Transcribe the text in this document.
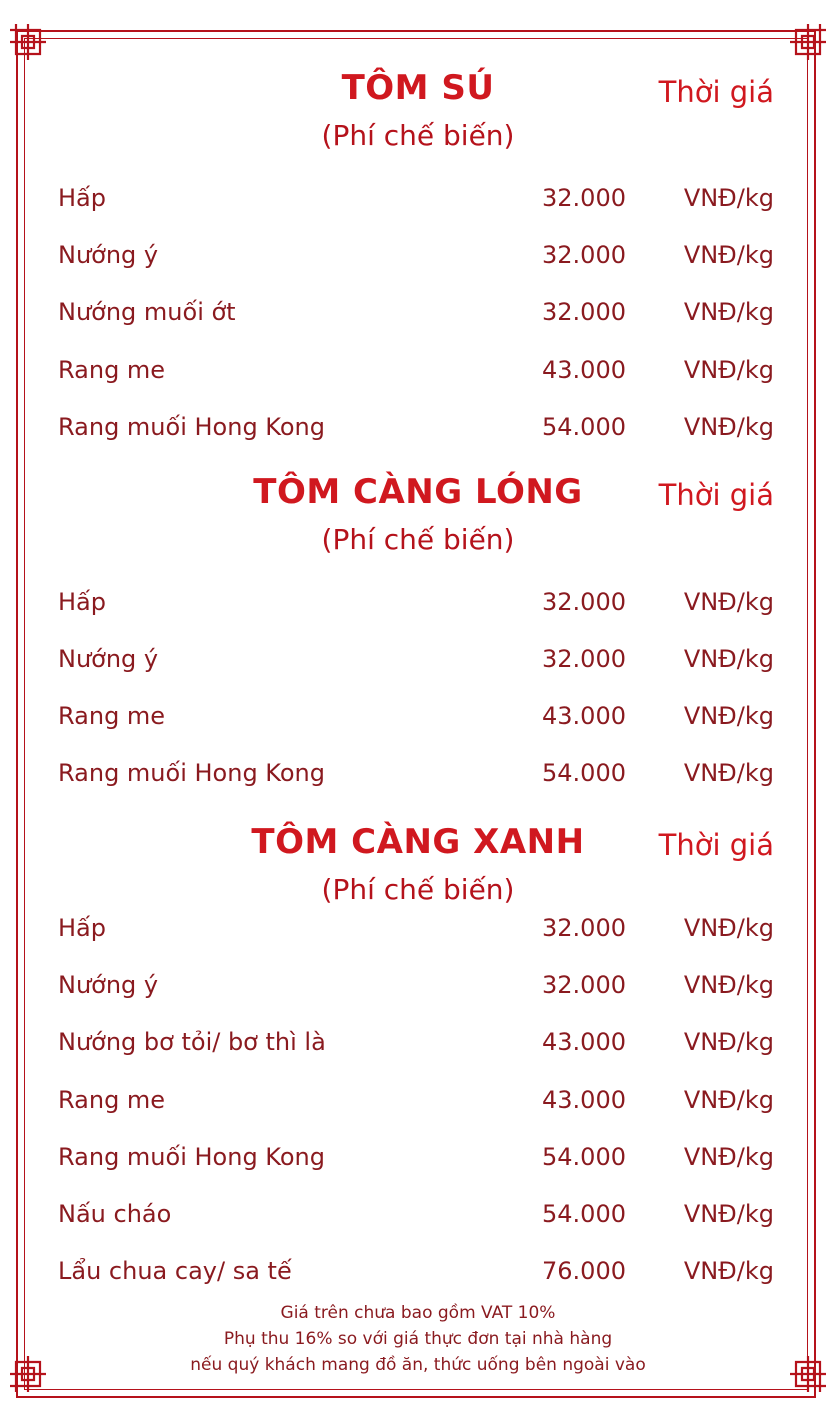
TÔM SÚ	Thời giá
(Phí chế biến)
Hấp	32.000 VNĐ/kg
Nướng ý	32.000 VNĐ/kg
Nướng muối ớt	32.000 VNĐ/kg
Rang me	43.000 VNĐ/kg
Rang muối Hong Kong	54.000 VNĐ/kg
TÔM CÀNG LÓNG	Thời giá
(Phí chế biến)
Hấp	32.000 VNĐ/kg
Nướng ý	32.000 VNĐ/kg
Rang me	43.000 VNĐ/kg
Rang muối Hong Kong	54.000 VNĐ/kg
TÔM CÀNG XANH	Thời giá
(Phí chế biến)
Hấp	32.000 VNĐ/kg
Nướng ý	32.000 VNĐ/kg
Nướng bơ tỏi/ bơ thì là	43.000 VNĐ/kg
Rang me	43.000 VNĐ/kg
Rang muối Hong Kong	54.000 VNĐ/kg
Nấu cháo	54.000 VNĐ/kg
Lẩu chua cay/ sa tế	76.000 VNĐ/kg
Giá trên chưa bao gồm VAT 10%
Phụ thu 16% so với giá thực đơn tại nhà hàng
nếu quý khách mang đồ ăn, thức uống bên ngoài vào
